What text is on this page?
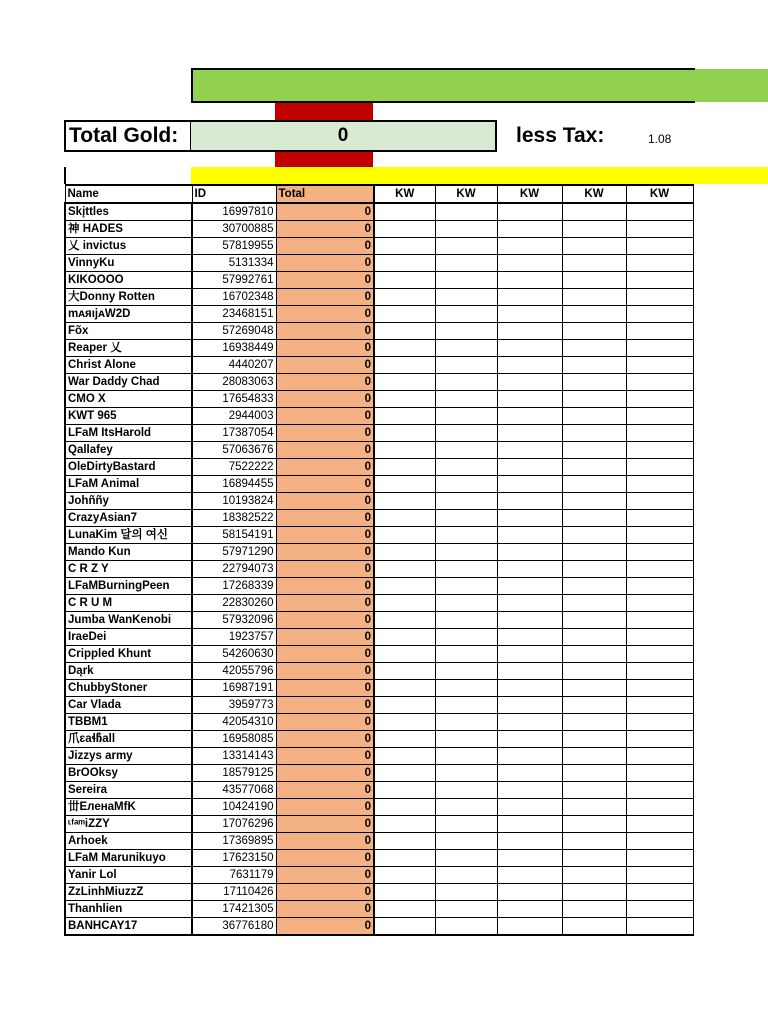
Total Gold:	0	less Tax:	1.08
Name	ID	Total	KW	KW	KW	KW	KW
Skįttles	16997810	0					
神 HADES	30700885	0					
乂 invictus	57819955	0					
VinnyKu	5131334	0					
KIKOOOO	57992761	0					
大Donny Rotten	16702348	0					
mᴀяιjᴀW2D	23468151	0					
Fõx	57269048	0					
Reaper 乂	16938449	0					
Christ Alone	4440207	0					
War Daddy Chad	28083063	0					
CMO X	17654833	0					
KWT 965	2944003	0					
LFaM ItsHarold	17387054	0					
Qallafey	57063676	0					
OleDirtyBastard	7522222	0					
LFaM Animal	16894455	0					
Johññy	10193824	0					
CrazyAsian7	18382522	0					
LunaKim 달의 여신	58154191	0					
Mando Kun	57971290	0					
C R Z Y	22794073	0					
LFaMBurningPeen	17268339	0					
C R U M	22830260	0					
Jumba WanKenobi	57932096	0					
IraeDei	1923757	0					
Crippled Khunt	54260630	0					
Dąrk	42055796	0					
ChubbyStoner	16987191	0					
Car Vlada	3959773	0					
TBBM1	42054310	0					
爪ɛaɬჩall	16958085	0					
Jizzys army	13314143	0					
BrOOksy	18579125	0					
Sereira	43577068	0					
丗ЕленаMfK	10424190	0					
ᶫᶠᵃᵐiZZY	17076296	0					
Arhoek	17369895	0					
LFaM Marunikuyo	17623150	0					
Yanir Lol	7631179	0					
ZzLinhMiuzzZ	17110426	0					
Thanhlien	17421305	0					
BANHCAY17	36776180	0					
